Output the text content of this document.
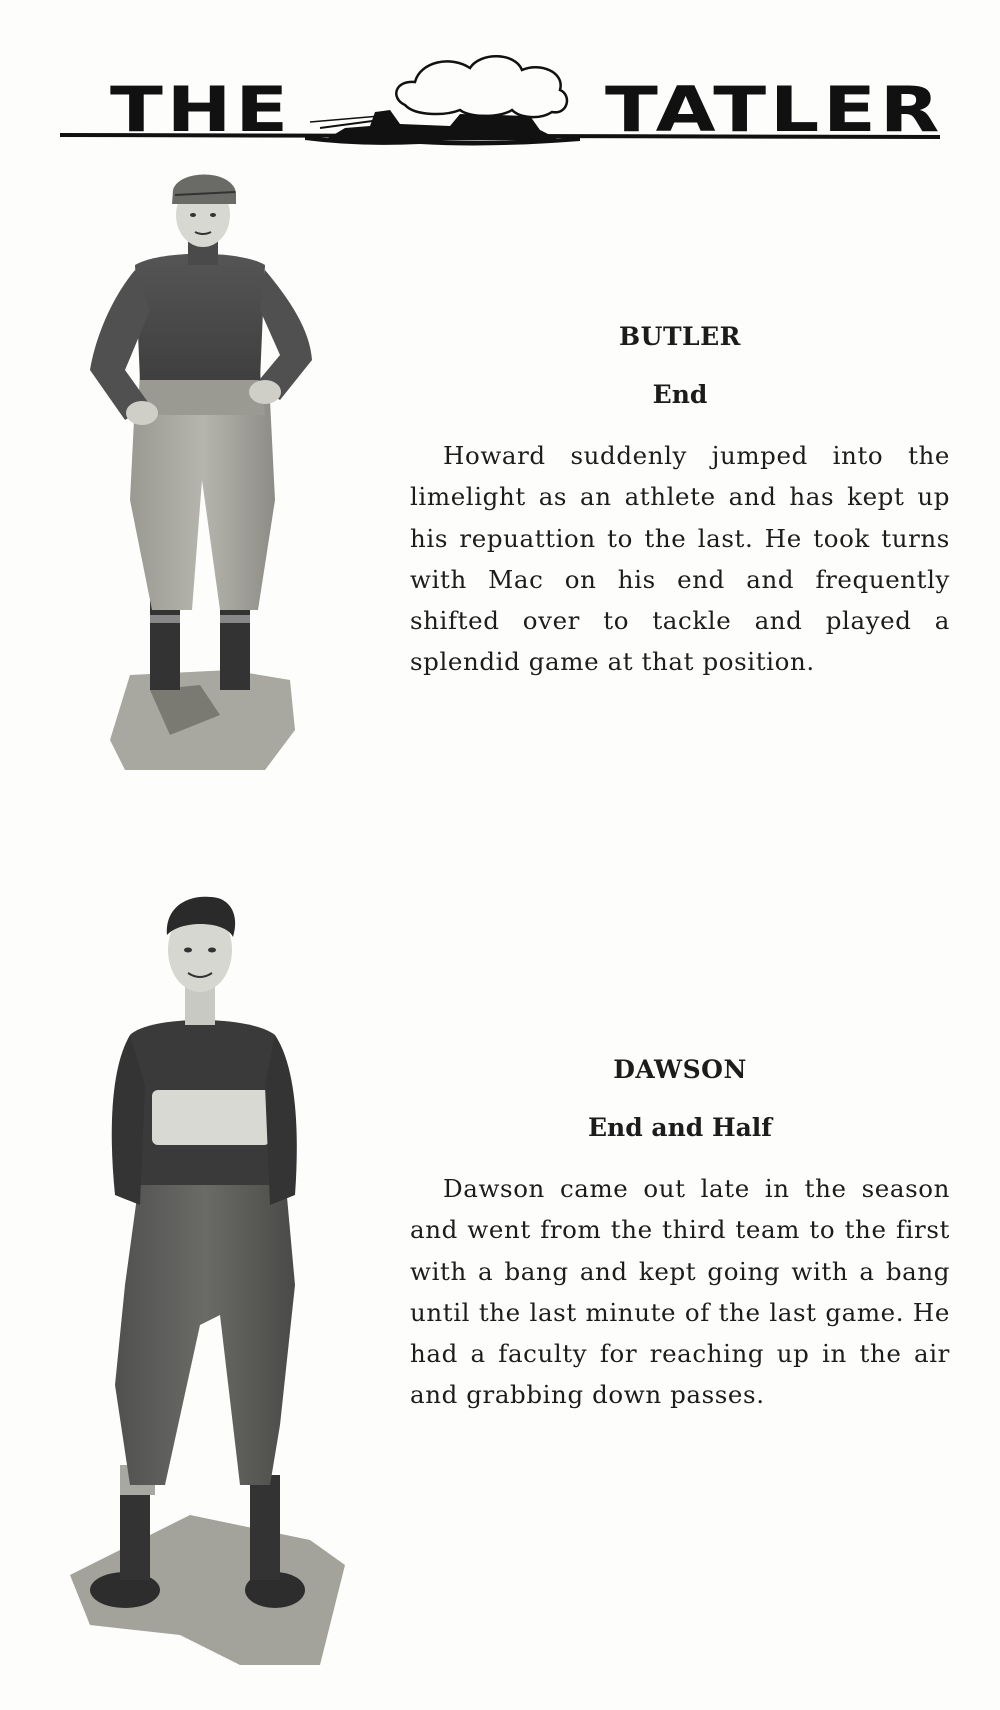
THE	TATLER

BUTLER

End

Howard suddenly jumped into the limelight as an athlete and has kept up his repuattion to the last. He took turns with Mac on his end and frequently shifted over to tackle and played a splendid game at that position.

DAWSON

End and Half

Dawson came out late in the season and went from the third team to the first with a bang and kept going with a bang until the last minute of the last game. He had a faculty for reaching up in the air and grabbing down passes.
